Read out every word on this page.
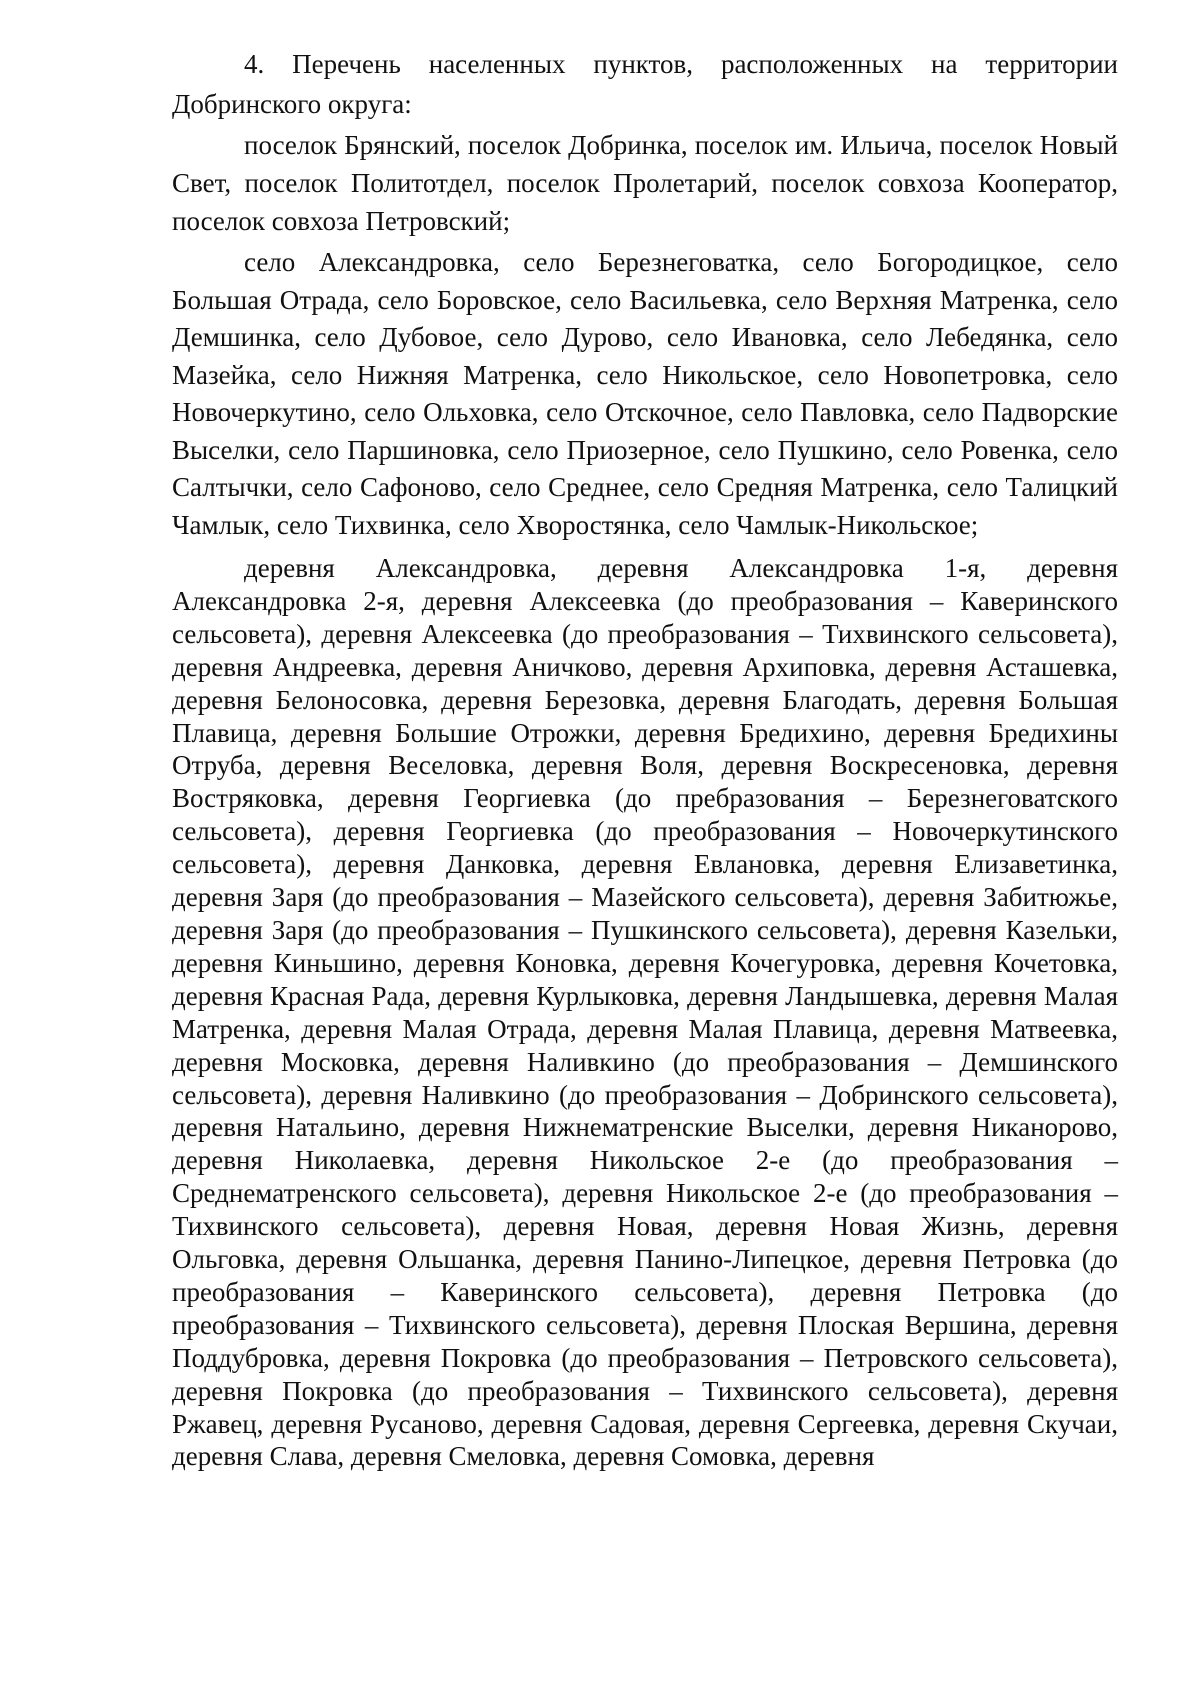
4. Перечень населенных пунктов, расположенных на территории Добринского округа:

поселок Брянский, поселок Добринка, поселок им. Ильича, поселок Новый Свет, поселок Политотдел, поселок Пролетарий, поселок совхоза Кооператор, поселок совхоза Петровский;

село Александровка, село Березнеговатка, село Богородицкое, село Большая Отрада, село Боровское, село Васильевка, село Верхняя Матренка, село Демшинка, село Дубовое, село Дурово, село Ивановка, село Лебедянка, село Мазейка, село Нижняя Матренка, село Никольское, село Новопетровка, село Новочеркутино, село Ольховка, село Отскочное, село Павловка, село Падворские Выселки, село Паршиновка, село Приозерное, село Пушкино, село Ровенка, село Салтычки, село Сафоново, село Среднее, село Средняя Матренка, село Талицкий Чамлык, село Тихвинка, село Хворостянка, село Чамлык-Никольское;

деревня Александровка, деревня Александровка 1-я, деревня Александровка 2-я, деревня Алексеевка (до преобразования – Каверинского сельсовета), деревня Алексеевка (до преобразования – Тихвинского сельсовета), деревня Андреевка, деревня Аничково, деревня Архиповка, деревня Асташевка, деревня Белоносовка, деревня Березовка, деревня Благодать, деревня Большая Плавица, деревня Большие Отрожки, деревня Бредихино, деревня Бредихины Отруба, деревня Веселовка, деревня Воля, деревня Воскресеновка, деревня Востряковка, деревня Георгиевка (до пребразования – Березнеговатского сельсовета), деревня Георгиевка (до преобразования – Новочеркутинского сельсовета), деревня Данковка, деревня Евлановка, деревня Елизаветинка, деревня Заря (до преобразования – Мазейского сельсовета), деревня Забитюжье, деревня Заря (до преобразования – Пушкинского сельсовета), деревня Казельки, деревня Киньшино, деревня Коновка, деревня Кочегуровка, деревня Кочетовка, деревня Красная Рада, деревня Курлыковка, деревня Ландышевка, деревня Малая Матренка, деревня Малая Отрада, деревня Малая Плавица, деревня Матвеевка, деревня Московка, деревня Наливкино (до преобразования – Демшинского сельсовета), деревня Наливкино (до преобразования – Добринского сельсовета), деревня Натальино, деревня Нижнематренские Выселки, деревня Никанорово, деревня Николаевка, деревня Никольское 2-е (до преобразования – Среднематренского сельсовета), деревня Никольское 2-е (до преобразования – Тихвинского сельсовета), деревня Новая, деревня Новая Жизнь, деревня Ольговка, деревня Ольшанка, деревня Панино-Липецкое, деревня Петровка (до преобразования – Каверинского сельсовета), деревня Петровка (до преобразования – Тихвинского сельсовета), деревня Плоская Вершина, деревня Поддубровка, деревня Покровка (до преобразования – Петровского сельсовета), деревня Покровка (до преобразования – Тихвинского сельсовета), деревня Ржавец, деревня Русаново, деревня Садовая, деревня Сергеевка, деревня Скучаи, деревня Слава, деревня Смеловка, деревня Сомовка, деревня
